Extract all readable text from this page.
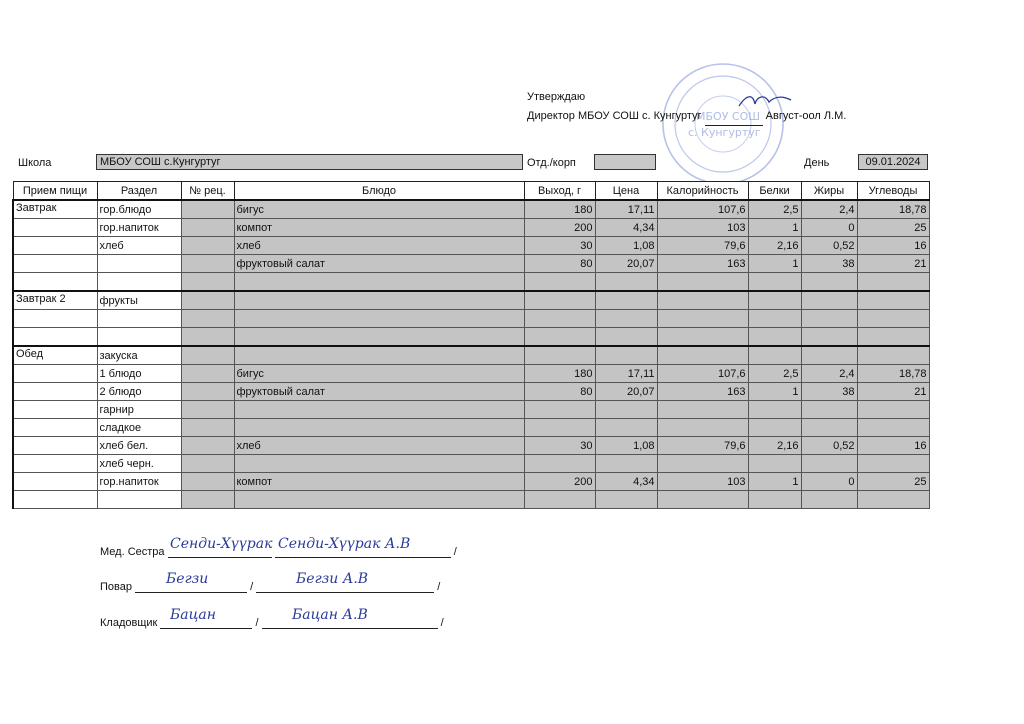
МБОУ СОШ
с. Кунгуртуг
Утверждаю
Директор МБОУ СОШ с. Кунгуртуг	Август-оол Л.М.
Школа	МБОУ СОШ с.Кунгуртуг	Отд./корп	День	09.01.2024
Прием пищи	Раздел	№ рец.	Блюдо	Выход, г	Цена	Калорийность	Белки	Жиры	Углеводы
Завтрак	гор.блюдо		бигус	180	17,11	107,6	2,5	2,4	18,78
	гор.напиток		компот	200	4,34	103	1	0	25
	хлеб		хлеб	30	1,08	79,6	2,16	0,52	16
			фруктовый салат	80	20,07	163	1	38	21

Завтрак 2	фрукты								

Обед	закуска								
	1 блюдо		бигус	180	17,11	107,6	2,5	2,4	18,78
	2 блюдо		фруктовый салат	80	20,07	163	1	38	21
	гарнир								
	сладкое								
	хлеб бел.		хлеб	30	1,08	79,6	2,16	0,52	16
	хлеб черн.								
	гор.напиток		компот	200	4,34	103	1	0	25

Мед. Сестра	/
Сенди-Хүүрак Сенди-Хүүрак А.В
Повар	/	/
Бегзи	Бегзи А.В
Кладовщик	/	/
Бацан	Бацан А.В
